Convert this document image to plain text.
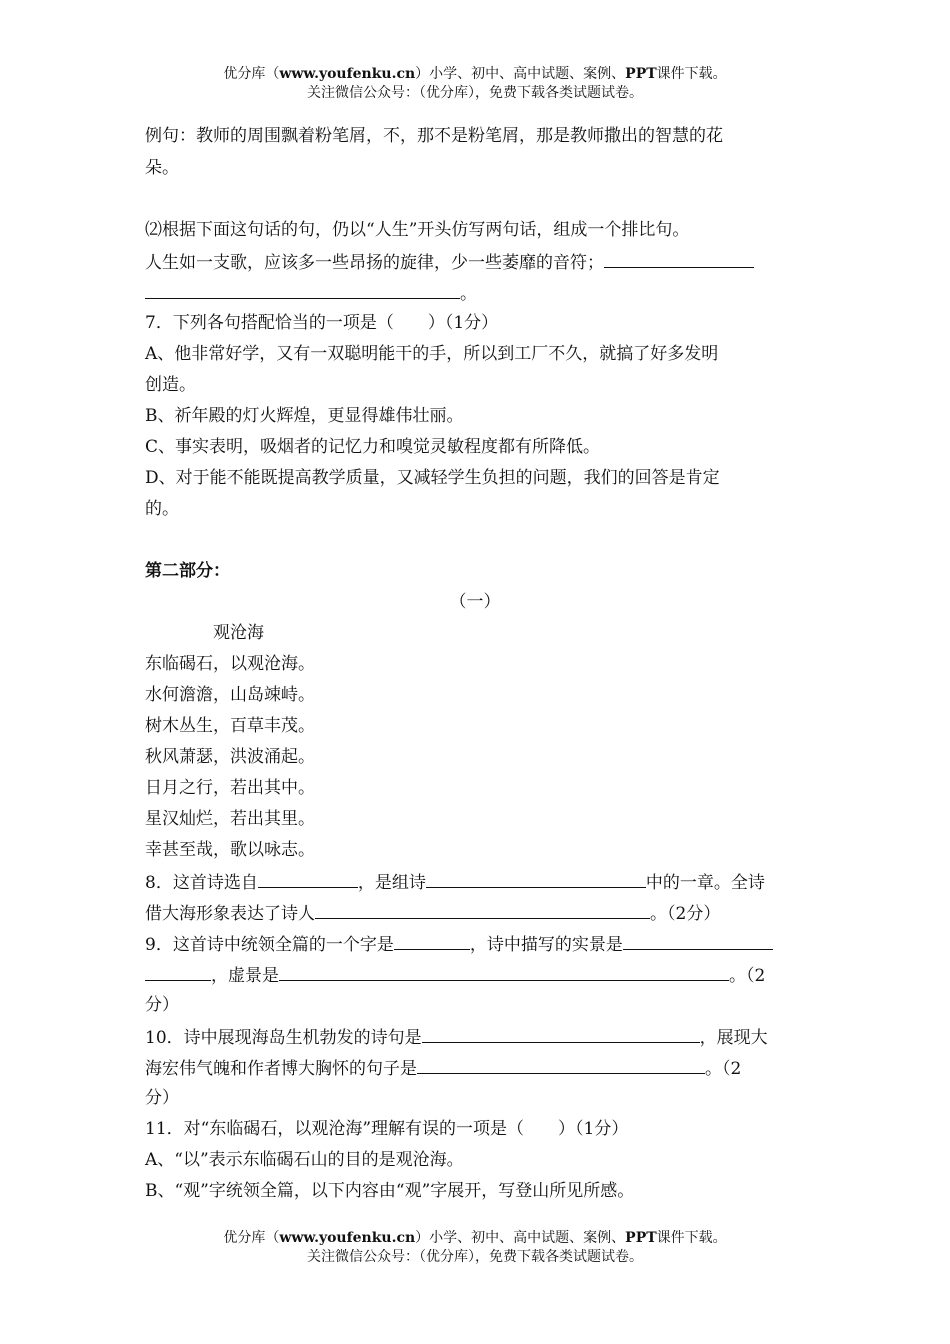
优分库（www.youfenku.cn）小学、初中、高中试题、案例、PPT课件下载。
关注微信公众号：（优分库），免费下载各类试题试卷。
例句：教师的周围飘着粉笔屑，不，那不是粉笔屑，那是教师撒出的智慧的花
朵。
⑵根据下面这句话的句，仍以“人生”开头仿写两句话，组成一个排比句。
人生如一支歌，应该多一些昂扬的旋律，少一些萎靡的音符；
。
7．下列各句搭配恰当的一项是（　　）（1分）
A、他非常好学，又有一双聪明能干的手，所以到工厂不久，就搞了好多发明
创造。
B、祈年殿的灯火辉煌，更显得雄伟壮丽。
C、事实表明，吸烟者的记忆力和嗅觉灵敏程度都有所降低。
D、对于能不能既提高教学质量，又减轻学生负担的问题，我们的回答是肯定
的。
第二部分：
（一）
观沧海
东临碣石，以观沧海。
水何澹澹，山岛竦峙。
树木丛生，百草丰茂。
秋风萧瑟，洪波涌起。
日月之行，若出其中。
星汉灿烂，若出其里。
幸甚至哉，歌以咏志。
8．这首诗选自	，是组诗	中的一章。全诗
借大海形象表达了诗人	。（2分）
9．这首诗中统领全篇的一个字是	，诗中描写的实景是
，虚景是	。（2
分）
10．诗中展现海岛生机勃发的诗句是	，展现大
海宏伟气魄和作者博大胸怀的句子是	。（2
分）
11．对“东临碣石，以观沧海”理解有误的一项是（　　）（1分）
A、“以”表示东临碣石山的目的是观沧海。
B、“观”字统领全篇，以下内容由“观”字展开，写登山所见所感。
优分库（www.youfenku.cn）小学、初中、高中试题、案例、PPT课件下载。
关注微信公众号：（优分库），免费下载各类试题试卷。
